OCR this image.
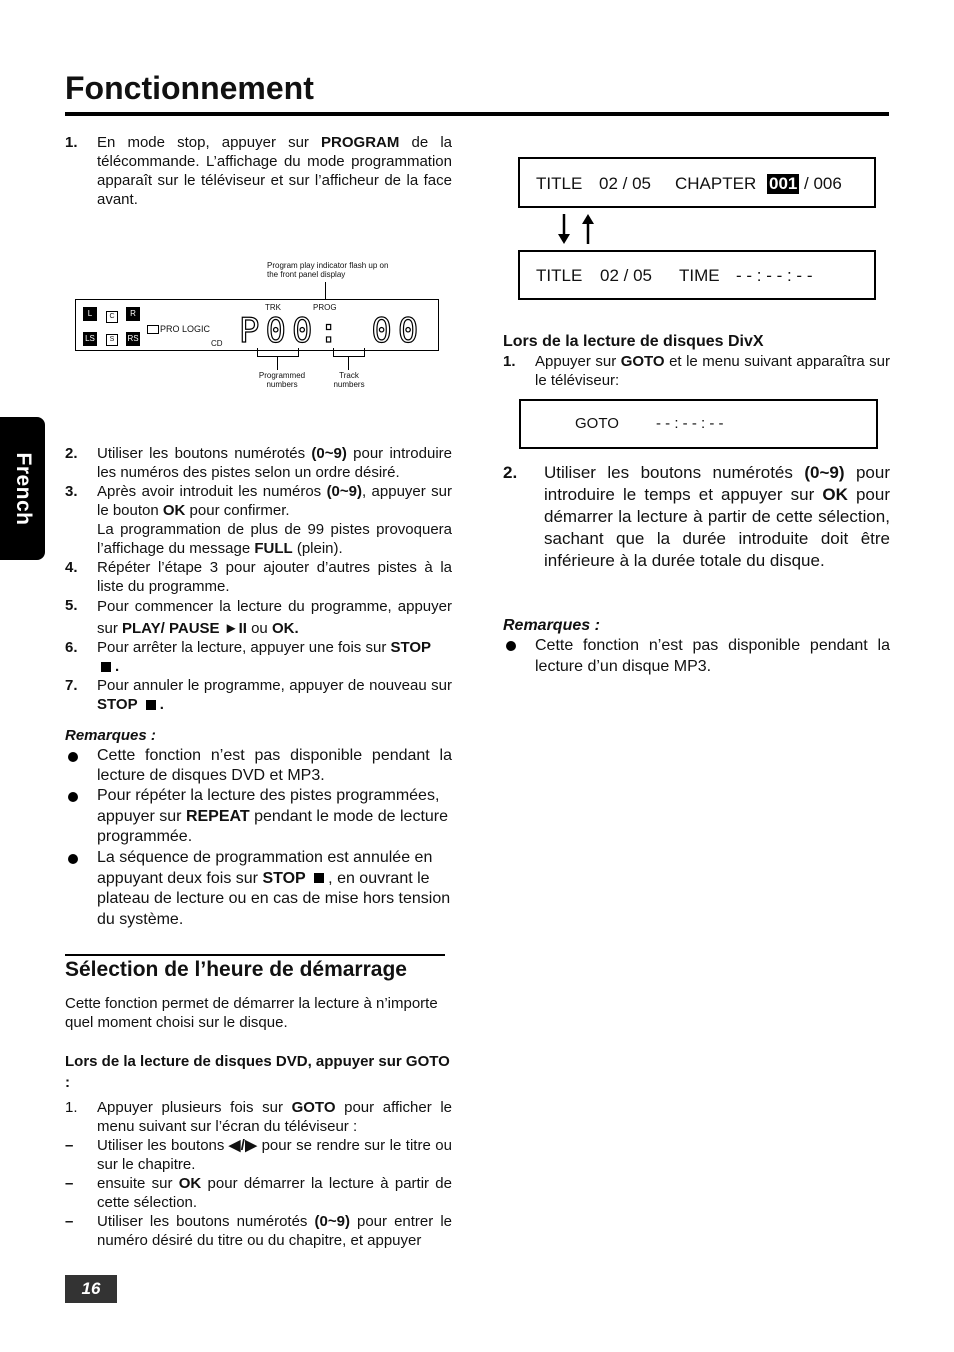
Fonctionnement
French
1. En mode stop, appuyer sur PROGRAM de la télécommande. L’affichage du mode programmation apparaît sur le téléviseur et sur l’afficheur de la face avant.
Program play indicator flash up on the front panel display
TRK	PROG
L	C	R
LS	S	RS
PRO LOGIC
CD P00: 00
Programmed numbers
Track numbers
2. Utiliser les boutons numérotés (0~9) pour introduire les numéros des pistes selon un ordre désiré.
3. Après avoir introduit les numéros (0~9), appuyer sur le bouton OK pour confirmer.
La programmation de plus de 99 pistes provoquera l’affichage du message FULL (plein).
4. Répéter l’étape 3 pour ajouter d’autres pistes à la liste du programme.
5. Pour commencer la lecture du programme, appuyer sur PLAY/ PAUSE ►II ou OK.
6. Pour arrêter la lecture, appuyer une fois sur STOP
.
7. Pour annuler le programme, appuyer de nouveau sur STOP .
Remarques :
Cette fonction n’est pas disponible pendant la lecture de disques DVD et MP3.
Pour répéter la lecture des pistes programmées, appuyer sur REPEAT pendant le mode de lecture programmée.
La séquence de programmation est annulée en appuyant deux fois sur STOP , en ouvrant le plateau de lecture ou en cas de mise hors tension du système.
Sélection de l’heure de démarrage
Cette fonction permet de démarrer la lecture à n’importe quel moment choisi sur le disque.
Lors de la lecture de disques DVD, appuyer sur GOTO :
1. Appuyer plusieurs fois sur GOTO pour afficher le menu suivant sur l’écran du téléviseur :
– Utiliser les boutons ◀/▶ pour se rendre sur le titre ou sur le chapitre.
– ensuite sur OK pour démarrer la lecture à partir de cette sélection.
– Utiliser les boutons numérotés (0~9) pour entrer le numéro désiré du titre ou du chapitre, et appuyer
16
TITLE 02 / 05 CHAPTER 001 / 006
TITLE 02 / 05 TIME - - : - - : - -
Lors de la lecture de disques DivX
1. Appuyer sur GOTO et le menu suivant apparaîtra sur le téléviseur:
GOTO - - : - - : - -
2. Utiliser les boutons numérotés (0~9) pour introduire le temps et appuyer sur OK pour démarrer la lecture à partir de cette sélection, sachant que la durée introduite doit être inférieure à la durée totale du disque.
Remarques :
Cette fonction n’est pas disponible pendant la lecture d’un disque MP3.
